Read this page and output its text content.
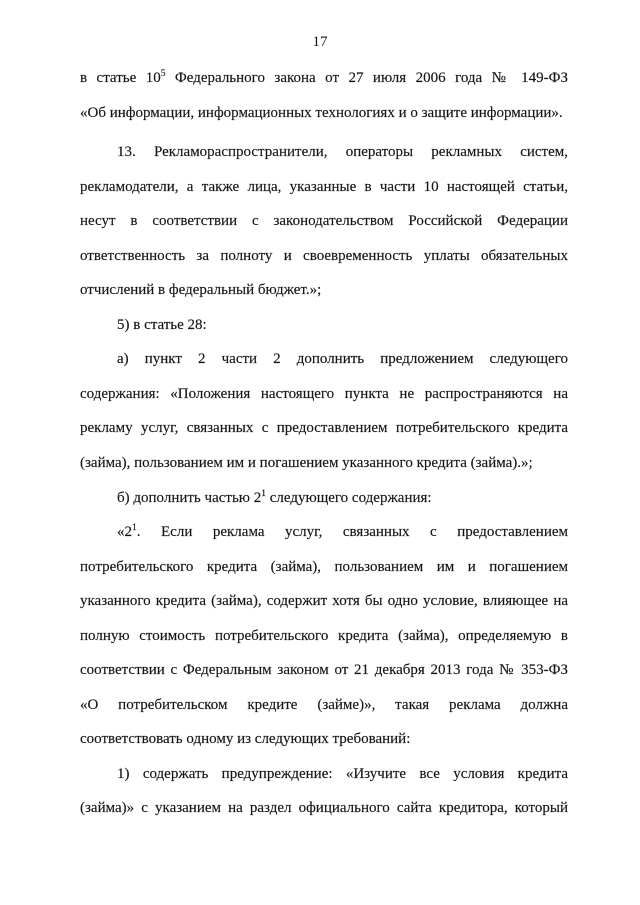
17
в статье $10^5$ Федерального закона от 27 июля 2006 года № 149-ФЗ
«Об информации, информационных технологиях и о защите информации».
13. Рекламораспространители, операторы рекламных систем,
рекламодатели, а также лица, указанные в части 10 настоящей статьи,
несут в соответствии с законодательством Российской Федерации
ответственность за полноту и своевременность уплаты обязательных
отчислений в федеральный бюджет.»;
5) в статье 28:
а) пункт 2 части 2 дополнить предложением следующего
содержания: «Положения настоящего пункта не распространяются на
рекламу услуг, связанных с предоставлением потребительского кредита
(займа), пользованием им и погашением указанного кредита (займа).»;
б) дополнить частью $2^1$ следующего содержания:
«$2^1$. Если реклама услуг, связанных с предоставлением
потребительского кредита (займа), пользованием им и погашением
указанного кредита (займа), содержит хотя бы одно условие, влияющее на
полную стоимость потребительского кредита (займа), определяемую в
соответствии с Федеральным законом от 21 декабря 2013 года № 353-ФЗ
«О потребительском кредите (займе)», такая реклама должна
соответствовать одному из следующих требований:
1) содержать предупреждение: «Изучите все условия кредита
(займа)» с указанием на раздел официального сайта кредитора, который
